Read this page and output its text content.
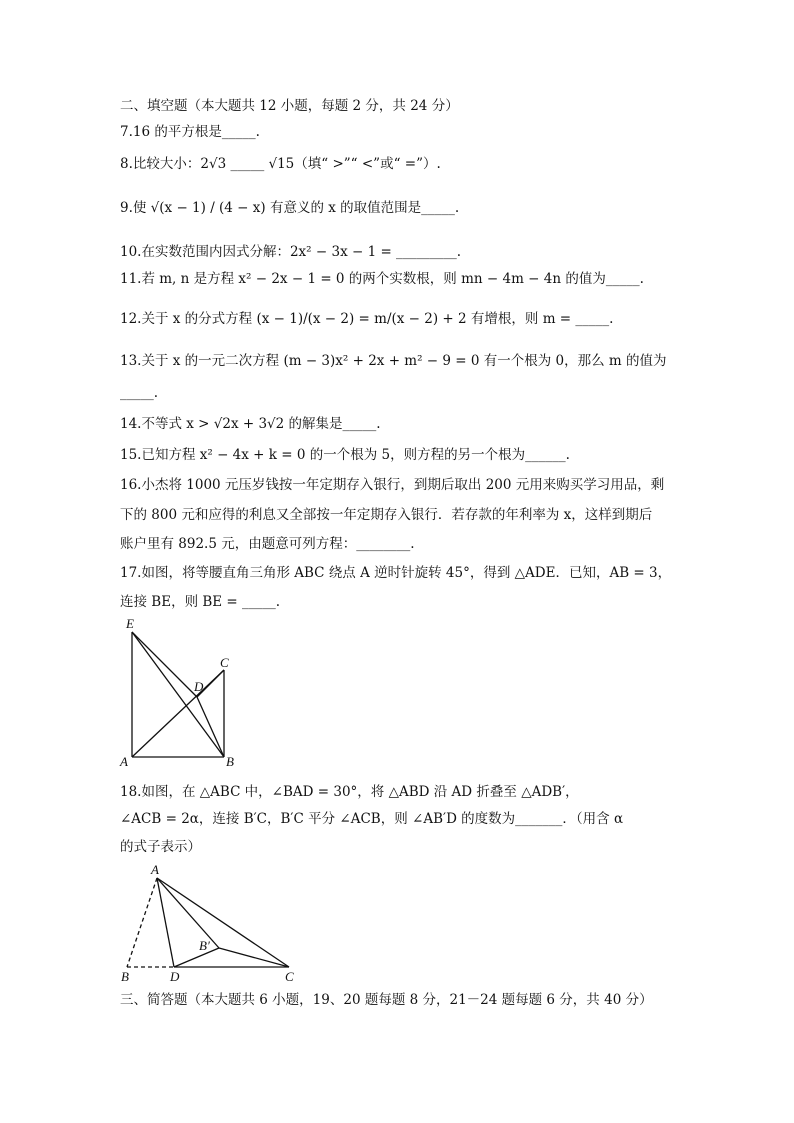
二、填空题（本大题共 12 小题，每题 2 分，共 24 分）
7.16 的平方根是_____.
8.比较大小：2√3 _____ √15（填“ >”“ <”或“ =”）.
9.使 √(x − 1) / (4 − x) 有意义的 x 的取值范围是_____.
10.在实数范围内因式分解：2x² − 3x − 1 = _________.
11.若 m, n 是方程 x² − 2x − 1 = 0 的两个实数根，则 mn − 4m − 4n 的值为_____.
12.关于 x 的分式方程 (x − 1)/(x − 2) = m/(x − 2) + 2 有增根，则 m = _____.
13.关于 x 的一元二次方程 (m − 3)x² + 2x + m² − 9 = 0 有一个根为 0，那么 m 的值为
_____.
14.不等式 x > √2x + 3√2 的解集是_____.
15.已知方程 x² − 4x + k = 0 的一个根为 5，则方程的另一个根为______.
16.小杰将 1000 元压岁钱按一年定期存入银行，到期后取出 200 元用来购买学习用品，剩
下的 800 元和应得的利息又全部按一年定期存入银行．若存款的年利率为 x，这样到期后
账户里有 892.5 元，由题意可列方程：________.
17.如图，将等腰直角三角形 ABC 绕点 A 逆时针旋转 45°，得到 △ADE．已知，AB = 3，
连接 BE，则 BE = _____.
E
C
D
A	B
18.如图，在 △ABC 中，∠BAD = 30°，将 △ABD 沿 AD 折叠至 △ADB′，
∠ACB = 2α，连接 B′C，B′C 平分 ∠ACB，则 ∠AB′D 的度数为_______．（用含 α
的式子表示）
A
B′
B	D	C
三、简答题（本大题共 6 小题，19、20 题每题 8 分，21－24 题每题 6 分，共 40 分）
